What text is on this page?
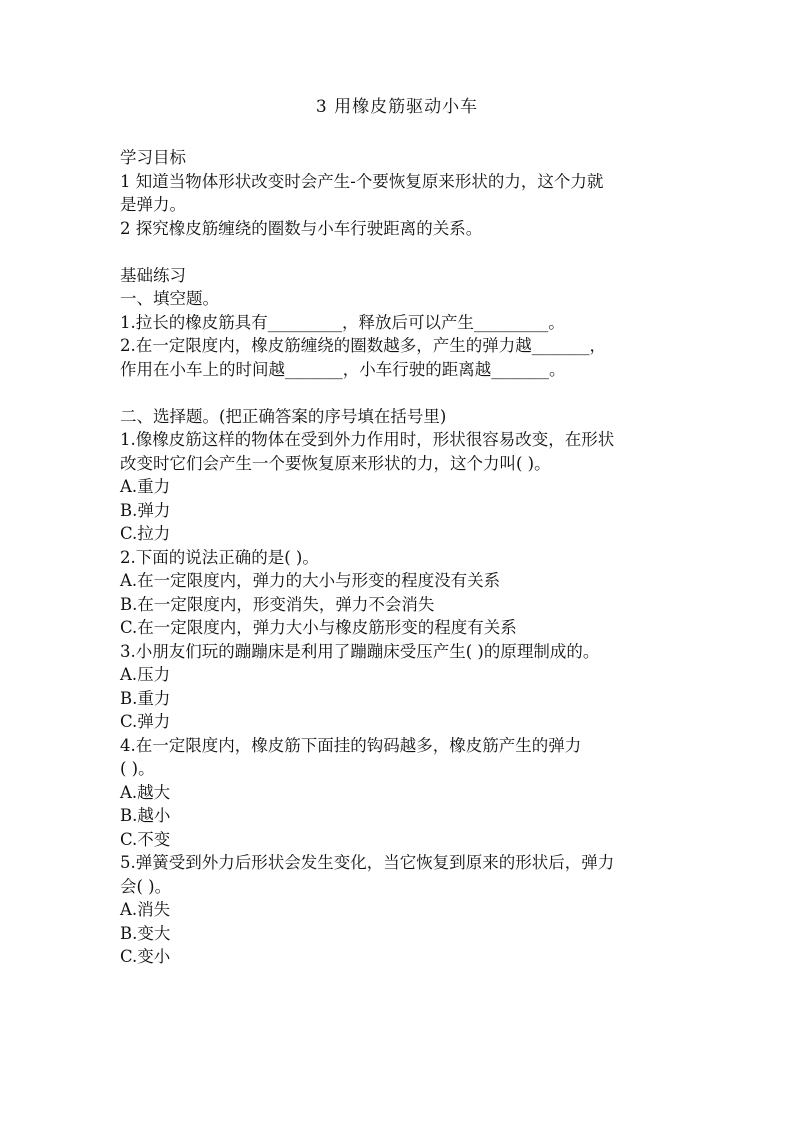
3 用橡皮筋驱动小车
学习目标
1 知道当物体形状改变时会产生-个要恢复原来形状的力，这个力就
是弹力。
2 探究橡皮筋缠绕的圈数与小车行驶距离的关系。
基础练习
一、填空题。
1.拉长的橡皮筋具有_________，释放后可以产生_________。
2.在一定限度内，橡皮筋缠绕的圈数越多，产生的弹力越_______，
作用在小车上的时间越_______，小车行驶的距离越_______。
二、选择题。(把正确答案的序号填在括号里)
1.像橡皮筋这样的物体在受到外力作用时，形状很容易改变，在形状
改变时它们会产生一个要恢复原来形状的力，这个力叫( )。
A.重力
B.弹力
C.拉力
2.下面的说法正确的是( )。
A.在一定限度内，弹力的大小与形变的程度没有关系
B.在一定限度内，形变消失，弹力不会消失
C.在一定限度内，弹力大小与橡皮筋形变的程度有关系
3.小朋友们玩的蹦蹦床是利用了蹦蹦床受压产生( )的原理制成的。
A.压力
B.重力
C.弹力
4.在一定限度内，橡皮筋下面挂的钩码越多，橡皮筋产生的弹力
( )。
A.越大
B.越小
C.不变
5.弹簧受到外力后形状会发生变化，当它恢复到原来的形状后，弹力
会( )。
A.消失
B.变大
C.变小
